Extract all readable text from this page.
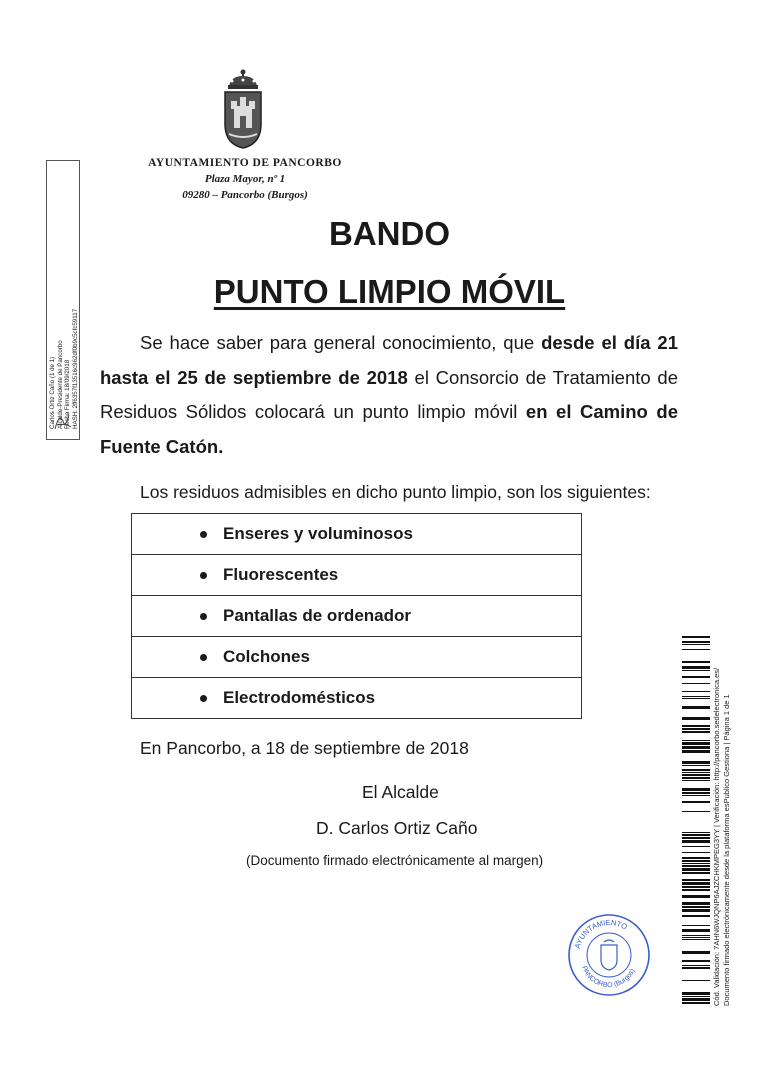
AYUNTAMIENTO DE PANCORBO
Plaza Mayor, nº 1
09280 – Pancorbo (Burgos)
BANDO
PUNTO LIMPIO MÓVIL
Se hace saber para general conocimiento, que desde el día 21 hasta el 25 de septiembre de 2018 el Consorcio de Tratamiento de Residuos Sólidos colocará un punto limpio móvil en el Camino de Fuente Catón.
Los residuos admisibles en dicho punto limpio, son los siguientes:
Enseres y voluminosos
Fluorescentes
Pantallas de ordenador
Colchones
Electrodomésticos
En Pancorbo, a 18 de septiembre de 2018
El Alcalde
D. Carlos Ortiz Caño
(Documento firmado electrónicamente al margen)
Carlos Ortiz Caño (1 de 1) Alcalde-Presidente de Pancorbo Fecha Firma: 18/09/2018 HASH: 2ff6357f13516c962df0b9c5cfc59117
Cód. Validación: 7AHN6WJQNP6AJZCHKMPEG3YY | Verificación: http://pancorbo.sedelectronica.es/ Documento firmado electrónicamente desde la plataforma esPublico Gestiona | Página 1 de 1
AYUNTAMIENTO
PANCORBO (Burgos)
